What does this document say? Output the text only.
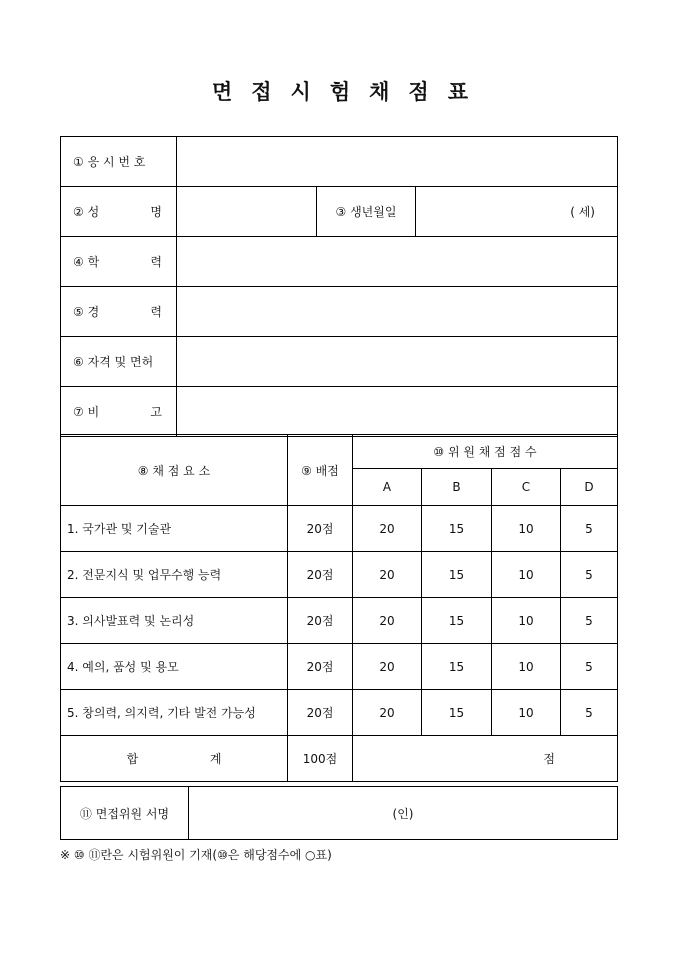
면접시험채점표
① 응 시 번 호			

② 성 명		③ 생년월일	( 세)

④ 학 력			

⑤ 경 력			

⑥ 자격 및 면허			

⑦ 비 고			

⑧ 채 점 요 소	⑨ 배점	⑩ 위 원 채 점 점 수			
		A	B	C	D
1. 국가관 및 기술관	20점	20	15	10	5
2. 전문지식 및 업무수행 능력	20점	20	15	10	5
3. 의사발표력 및 논리성	20점	20	15	10	5
4. 예의, 품성 및 용모	20점	20	15	10	5
5. 창의력, 의지력, 기타 발전 가능성	20점	20	15	10	5
합 계	100점	점			
⑪ 면접위원 서명	(인)
※ ⑩ ⑪란은 시험위원이 기재(⑩은 해당점수에 ○표)
